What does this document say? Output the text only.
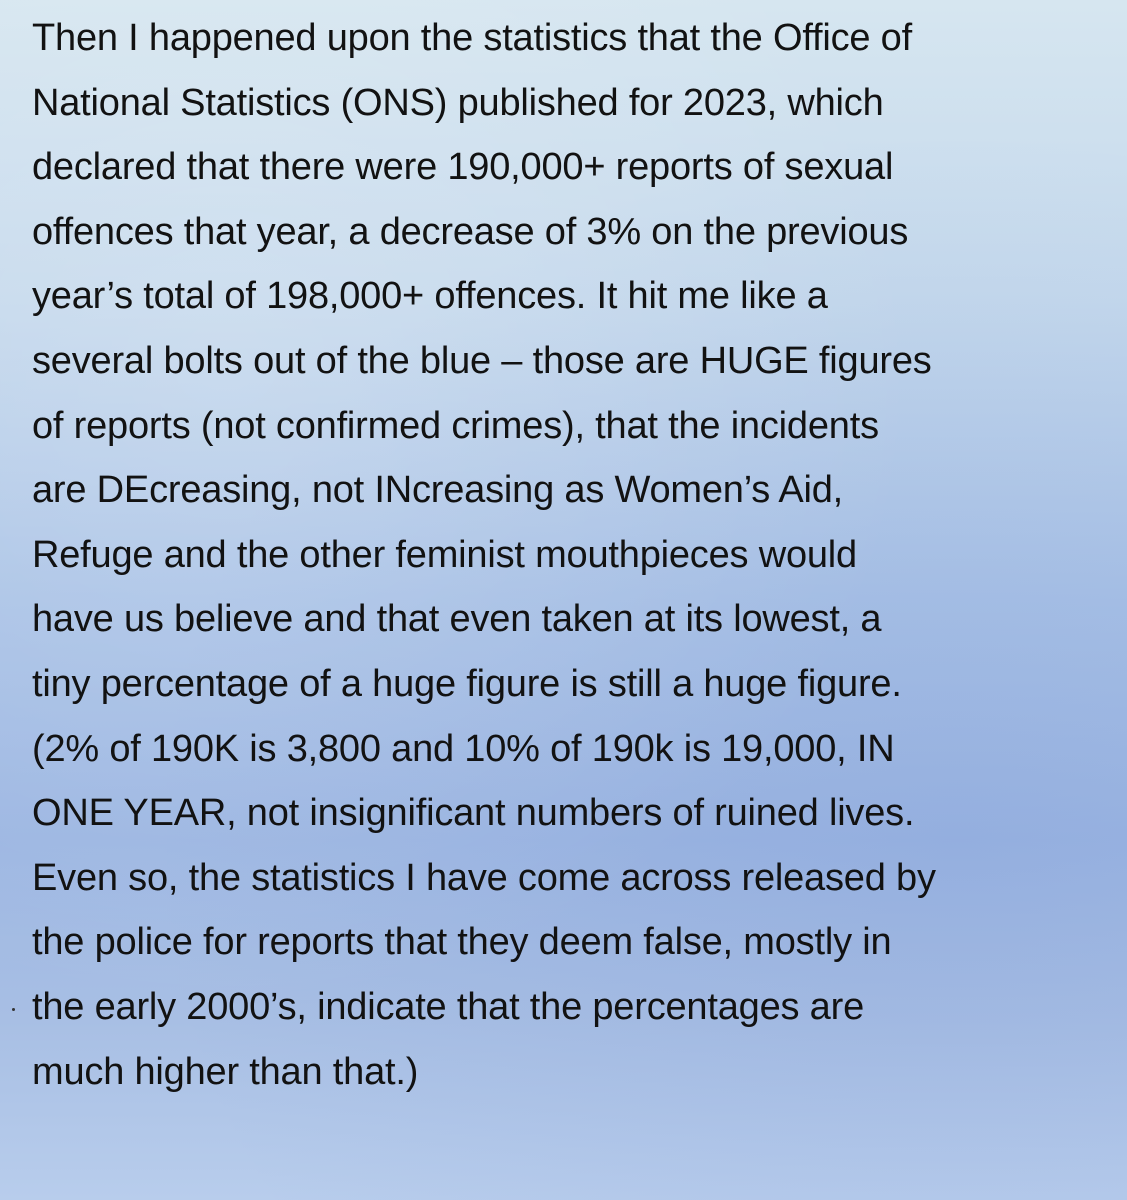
Then I happened upon the statistics that the Office of
National Statistics (ONS) published for 2023, which
declared that there were 190,000+ reports of sexual
offences that year, a decrease of 3% on the previous
year’s total of 198,000+ offences. It hit me like a
several bolts out of the blue – those are HUGE figures
of reports (not confirmed crimes), that the incidents
are DEcreasing, not INcreasing as Women’s Aid,
Refuge and the other feminist mouthpieces would
have us believe and that even taken at its lowest, a
tiny percentage of a huge figure is still a huge figure.
(2% of 190K is 3,800 and 10% of 190k is 19,000, IN
ONE YEAR, not insignificant numbers of ruined lives.
Even so, the statistics I have come across released by
the police for reports that they deem false, mostly in
the early 2000’s, indicate that the percentages are
much higher than that.)
